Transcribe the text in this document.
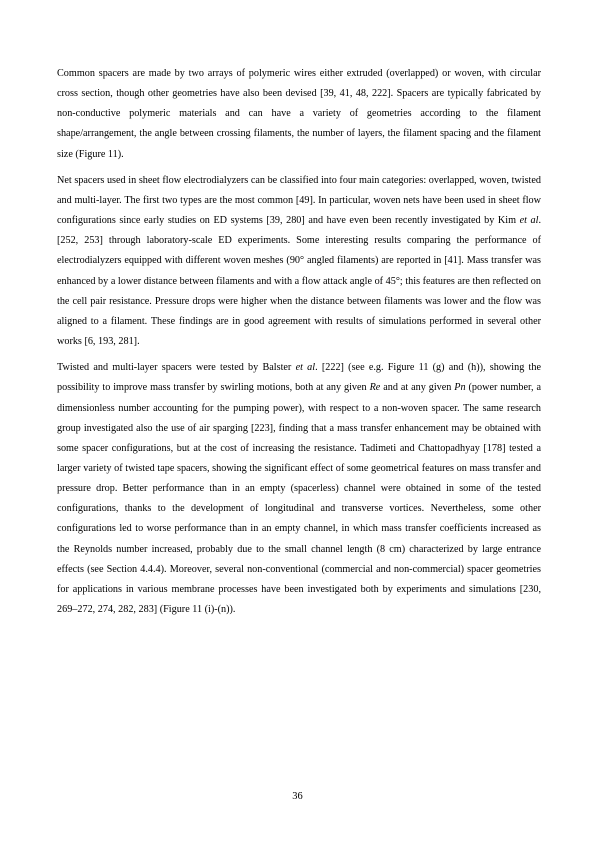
Common spacers are made by two arrays of polymeric wires either extruded (overlapped) or woven, with circular cross section, though other geometries have also been devised [39, 41, 48, 222]. Spacers are typically fabricated by non-conductive polymeric materials and can have a variety of geometries according to the filament shape/arrangement, the angle between crossing filaments, the number of layers, the filament spacing and the filament size (Figure 11).

Net spacers used in sheet flow electrodialyzers can be classified into four main categories: overlapped, woven, twisted and multi-layer. The first two types are the most common [49]. In particular, woven nets have been used in sheet flow configurations since early studies on ED systems [39, 280] and have even been recently investigated by Kim et al. [252, 253] through laboratory-scale ED experiments. Some interesting results comparing the performance of electrodialyzers equipped with different woven meshes (90° angled filaments) are reported in [41]. Mass transfer was enhanced by a lower distance between filaments and with a flow attack angle of 45°; this features are then reflected on the cell pair resistance. Pressure drops were higher when the distance between filaments was lower and the flow was aligned to a filament. These findings are in good agreement with results of simulations performed in several other works [6, 193, 281].

Twisted and multi-layer spacers were tested by Balster et al. [222] (see e.g. Figure 11 (g) and (h)), showing the possibility to improve mass transfer by swirling motions, both at any given Re and at any given Pn (power number, a dimensionless number accounting for the pumping power), with respect to a non-woven spacer. The same research group investigated also the use of air sparging [223], finding that a mass transfer enhancement may be obtained with some spacer configurations, but at the cost of increasing the resistance. Tadimeti and Chattopadhyay [178] tested a larger variety of twisted tape spacers, showing the significant effect of some geometrical features on mass transfer and pressure drop. Better performance than in an empty (spacerless) channel were obtained in some of the tested configurations, thanks to the development of longitudinal and transverse vortices. Nevertheless, some other configurations led to worse performance than in an empty channel, in which mass transfer coefficients increased as the Reynolds number increased, probably due to the small channel length (8 cm) characterized by large entrance effects (see Section 4.4.4). Moreover, several non-conventional (commercial and non-commercial) spacer geometries for applications in various membrane processes have been investigated both by experiments and simulations [230, 269–272, 274, 282, 283] (Figure 11 (i)-(n)).

36
